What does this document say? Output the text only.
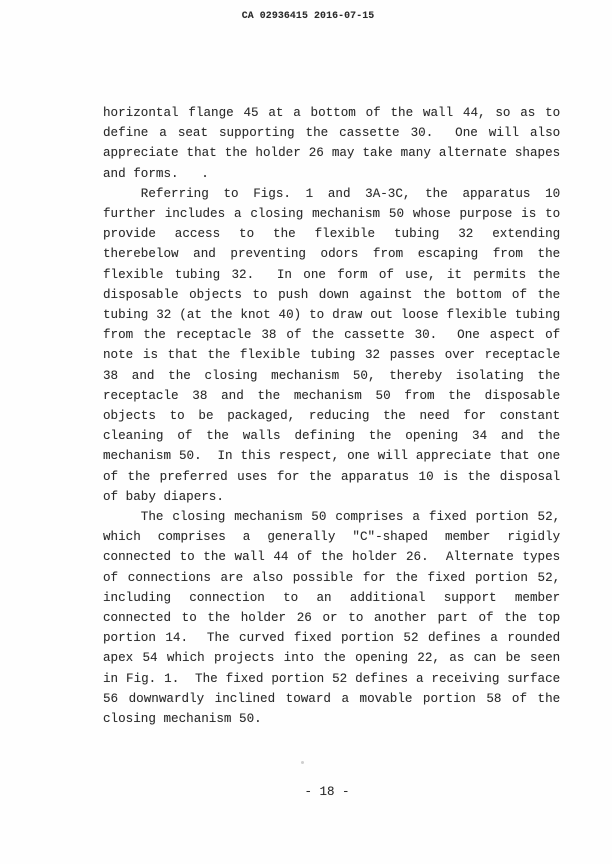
CA 02936415 2016-07-15

horizontal flange 45 at a bottom of the wall 44, so as to define a seat supporting the cassette 30.  One will also appreciate that the holder 26 may take many alternate shapes and forms.   .

Referring to Figs. 1 and 3A-3C, the apparatus 10 further includes a closing mechanism 50 whose purpose is to provide access to the flexible tubing 32 extending therebelow and preventing odors from escaping from the flexible tubing 32.  In one form of use, it permits the disposable objects to push down against the bottom of the tubing 32 (at the knot 40) to draw out loose flexible tubing from the receptacle 38 of the cassette 30.  One aspect of note is that the flexible tubing 32 passes over receptacle 38 and the closing mechanism 50, thereby isolating the receptacle 38 and the mechanism 50 from the disposable objects to be packaged, reducing the need for constant cleaning of the walls defining the opening 34 and the mechanism 50.  In this respect, one will appreciate that one of the preferred uses for the apparatus 10 is the disposal of baby diapers.

The closing mechanism 50 comprises a fixed portion 52, which comprises a generally "C"-shaped member rigidly connected to the wall 44 of the holder 26.  Alternate types of connections are also possible for the fixed portion 52, including connection to an additional support member connected to the holder 26 or to another part of the top portion 14.  The curved fixed portion 52 defines a rounded apex 54 which projects into the opening 22, as can be seen in Fig. 1.  The fixed portion 52 defines a receiving surface 56 downwardly inclined toward a movable portion 58 of the closing mechanism 50.

- 18 -
